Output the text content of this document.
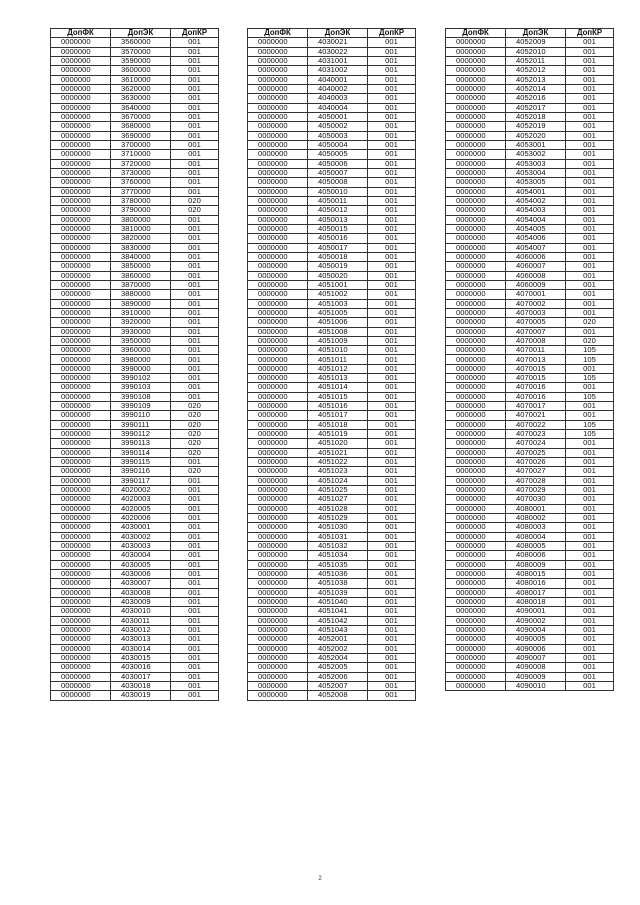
ДопФК	ДопЭК	ДопКР
0000000	3560000	001
0000000	3570000	001
0000000	3590000	001
0000000	3600000	001
0000000	3610000	001
0000000	3620000	001
0000000	3630000	001
0000000	3640000	001
0000000	3670000	001
0000000	3680000	001
0000000	3690000	001
0000000	3700000	001
0000000	3710000	001
0000000	3720000	001
0000000	3730000	001
0000000	3760000	001
0000000	3770000	001
0000000	3780000	020
0000000	3790000	020
0000000	3800000	001
0000000	3810000	001
0000000	3820000	001
0000000	3830000	001
0000000	3840000	001
0000000	3850000	001
0000000	3860000	001
0000000	3870000	001
0000000	3880000	001
0000000	3890000	001
0000000	3910000	001
0000000	3920000	001
0000000	3930000	001
0000000	3950000	001
0000000	3960000	001
0000000	3980000	001
0000000	3990000	001
0000000	3990102	001
0000000	3990103	001
0000000	3990108	001
0000000	3990109	020
0000000	3990110	020
0000000	3990111	020
0000000	3990112	020
0000000	3990113	020
0000000	3990114	020
0000000	3990115	001
0000000	3990116	020
0000000	3990117	001
0000000	4020002	001
0000000	4020003	001
0000000	4020005	001
0000000	4020006	001
0000000	4030001	001
0000000	4030002	001
0000000	4030003	001
0000000	4030004	001
0000000	4030005	001
0000000	4030006	001
0000000	4030007	001
0000000	4030008	001
0000000	4030009	001
0000000	4030010	001
0000000	4030011	001
0000000	4030012	001
0000000	4030013	001
0000000	4030014	001
0000000	4030015	001
0000000	4030016	001
0000000	4030017	001
0000000	4030018	001
0000000	4030019	001
ДопФК	ДопЭК	ДопКР
0000000	4030021	001
0000000	4030022	001
0000000	4031001	001
0000000	4031002	001
0000000	4040001	001
0000000	4040002	001
0000000	4040003	001
0000000	4040004	001
0000000	4050001	001
0000000	4050002	001
0000000	4050003	001
0000000	4050004	001
0000000	4050005	001
0000000	4050006	001
0000000	4050007	001
0000000	4050008	001
0000000	4050010	001
0000000	4050011	001
0000000	4050012	001
0000000	4050013	001
0000000	4050015	001
0000000	4050016	001
0000000	4050017	001
0000000	4050018	001
0000000	4050019	001
0000000	4050020	001
0000000	4051001	001
0000000	4051002	001
0000000	4051003	001
0000000	4051005	001
0000000	4051006	001
0000000	4051008	001
0000000	4051009	001
0000000	4051010	001
0000000	4051011	001
0000000	4051012	001
0000000	4051013	001
0000000	4051014	001
0000000	4051015	001
0000000	4051016	001
0000000	4051017	001
0000000	4051018	001
0000000	4051019	001
0000000	4051020	001
0000000	4051021	001
0000000	4051022	001
0000000	4051023	001
0000000	4051024	001
0000000	4051025	001
0000000	4051027	001
0000000	4051028	001
0000000	4051029	001
0000000	4051030	001
0000000	4051031	001
0000000	4051032	001
0000000	4051034	001
0000000	4051035	001
0000000	4051036	001
0000000	4051038	001
0000000	4051039	001
0000000	4051040	001
0000000	4051041	001
0000000	4051042	001
0000000	4051043	001
0000000	4052001	001
0000000	4052002	001
0000000	4052004	001
0000000	4052005	001
0000000	4052006	001
0000000	4052007	001
0000000	4052008	001
ДопФК	ДопЭК	ДопКР
0000000	4052009	001
0000000	4052010	001
0000000	4052011	001
0000000	4052012	001
0000000	4052013	001
0000000	4052014	001
0000000	4052016	001
0000000	4052017	001
0000000	4052018	001
0000000	4052019	001
0000000	4052020	001
0000000	4053001	001
0000000	4053002	001
0000000	4053003	001
0000000	4053004	001
0000000	4053005	001
0000000	4054001	001
0000000	4054002	001
0000000	4054003	001
0000000	4054004	001
0000000	4054005	001
0000000	4054006	001
0000000	4054007	001
0000000	4060006	001
0000000	4060007	001
0000000	4060008	001
0000000	4060009	001
0000000	4070001	001
0000000	4070002	001
0000000	4070003	001
0000000	4070005	020
0000000	4070007	001
0000000	4070008	020
0000000	4070011	105
0000000	4070013	105
0000000	4070015	001
0000000	4070015	105
0000000	4070016	001
0000000	4070016	105
0000000	4070017	001
0000000	4070021	001
0000000	4070022	105
0000000	4070023	105
0000000	4070024	001
0000000	4070025	001
0000000	4070026	001
0000000	4070027	001
0000000	4070028	001
0000000	4070029	001
0000000	4070030	001
0000000	4080001	001
0000000	4080002	001
0000000	4080003	001
0000000	4080004	001
0000000	4080005	001
0000000	4080006	001
0000000	4080009	001
0000000	4080015	001
0000000	4080016	001
0000000	4080017	001
0000000	4080018	001
0000000	4090001	001
0000000	4090002	001
0000000	4090004	001
0000000	4090005	001
0000000	4090006	001
0000000	4090007	001
0000000	4090008	001
0000000	4090009	001
0000000	4090010	001
2
